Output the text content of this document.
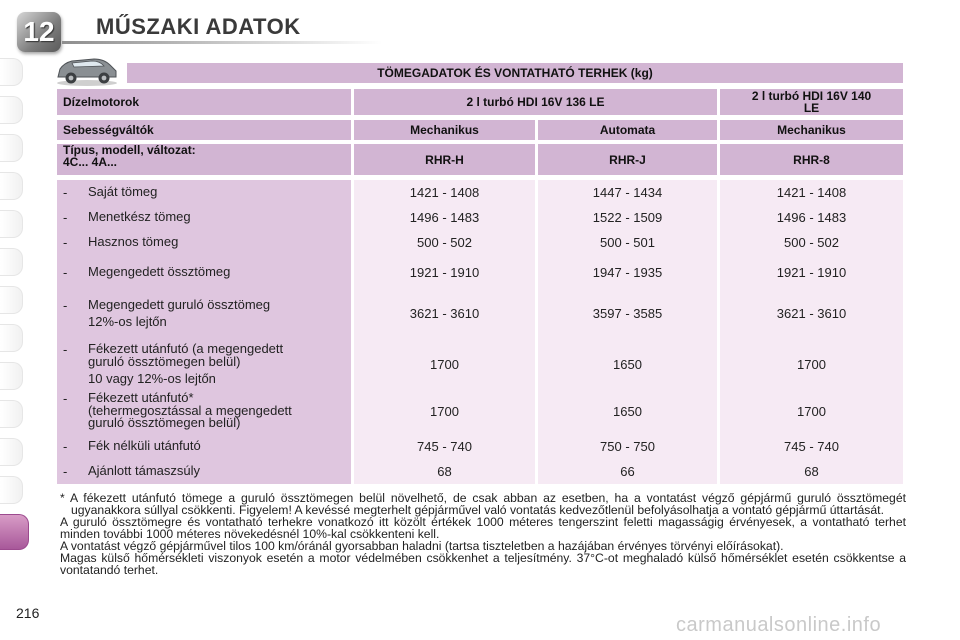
12 MŰSZAKI ADATOK
TÖMEGADATOK ÉS VONTATHATÓ TERHEK (kg)
Dízelmotorok	2 l turbó HDI 16V 136 LE	2 l turbó HDI 16V 140 LE
Sebességváltók	Mechanikus	Automata	Mechanikus
Típus, modell, változat:
4C... 4A...	RHR-H	RHR-J	RHR-8
- Saját tömeg	1421 - 1408	1447 - 1434	1421 - 1408
- Menetkész tömeg	1496 - 1483	1522 - 1509	1496 - 1483
- Hasznos tömeg	500 - 502	500 - 501	500 - 502
- Megengedett össztömeg	1921 - 1910	1947 - 1935	1921 - 1910
- Megengedett guruló össztömeg
12%-os lejtőn
3621 - 3610	3597 - 3585	3621 - 3610
- Fékezett utánfutó (a megengedett
guruló össztömegen belül)
10 vagy 12%-os lejtőn
1700	1650	1700
- Fékezett utánfutó*
(tehermegosztással a megengedett
guruló össztömegen belül)
1700	1650	1700
- Fék nélküli utánfutó	745 - 740	750 - 750	745 - 740
- Ajánlott támaszsúly	68	66	68

* A fékezett utánfutó tömege a guruló össztömegen belül növelhető, de csak abban az esetben, ha a vontatást végző gépjármű guruló össztömegét ugyanakkora súllyal csökkenti. Figyelem! A kevéssé megterhelt gépjárművel való vontatás kedvezőtlenül befolyásolhatja a vontató gépjármű úttartását.

A guruló össztömegre és vontatható terhekre vonatkozó itt közölt értékek 1000 méteres tengerszint feletti magasságig érvényesek, a vontatható terhet minden további 1000 méteres növekedésnél 10%-kal csökkenteni kell.

A vontatást végző gépjárművel tilos 100 km/óránál gyorsabban haladni (tartsa tiszteletben a hazájában érvényes törvényi előírásokat).

Magas külső hőmérsékleti viszonyok esetén a motor védelmében csökkenhet a teljesítmény. 37°C-ot meghaladó külső hőmérséklet esetén csökkentse a vontatandó terhet.

216
carmanualsonline.info
